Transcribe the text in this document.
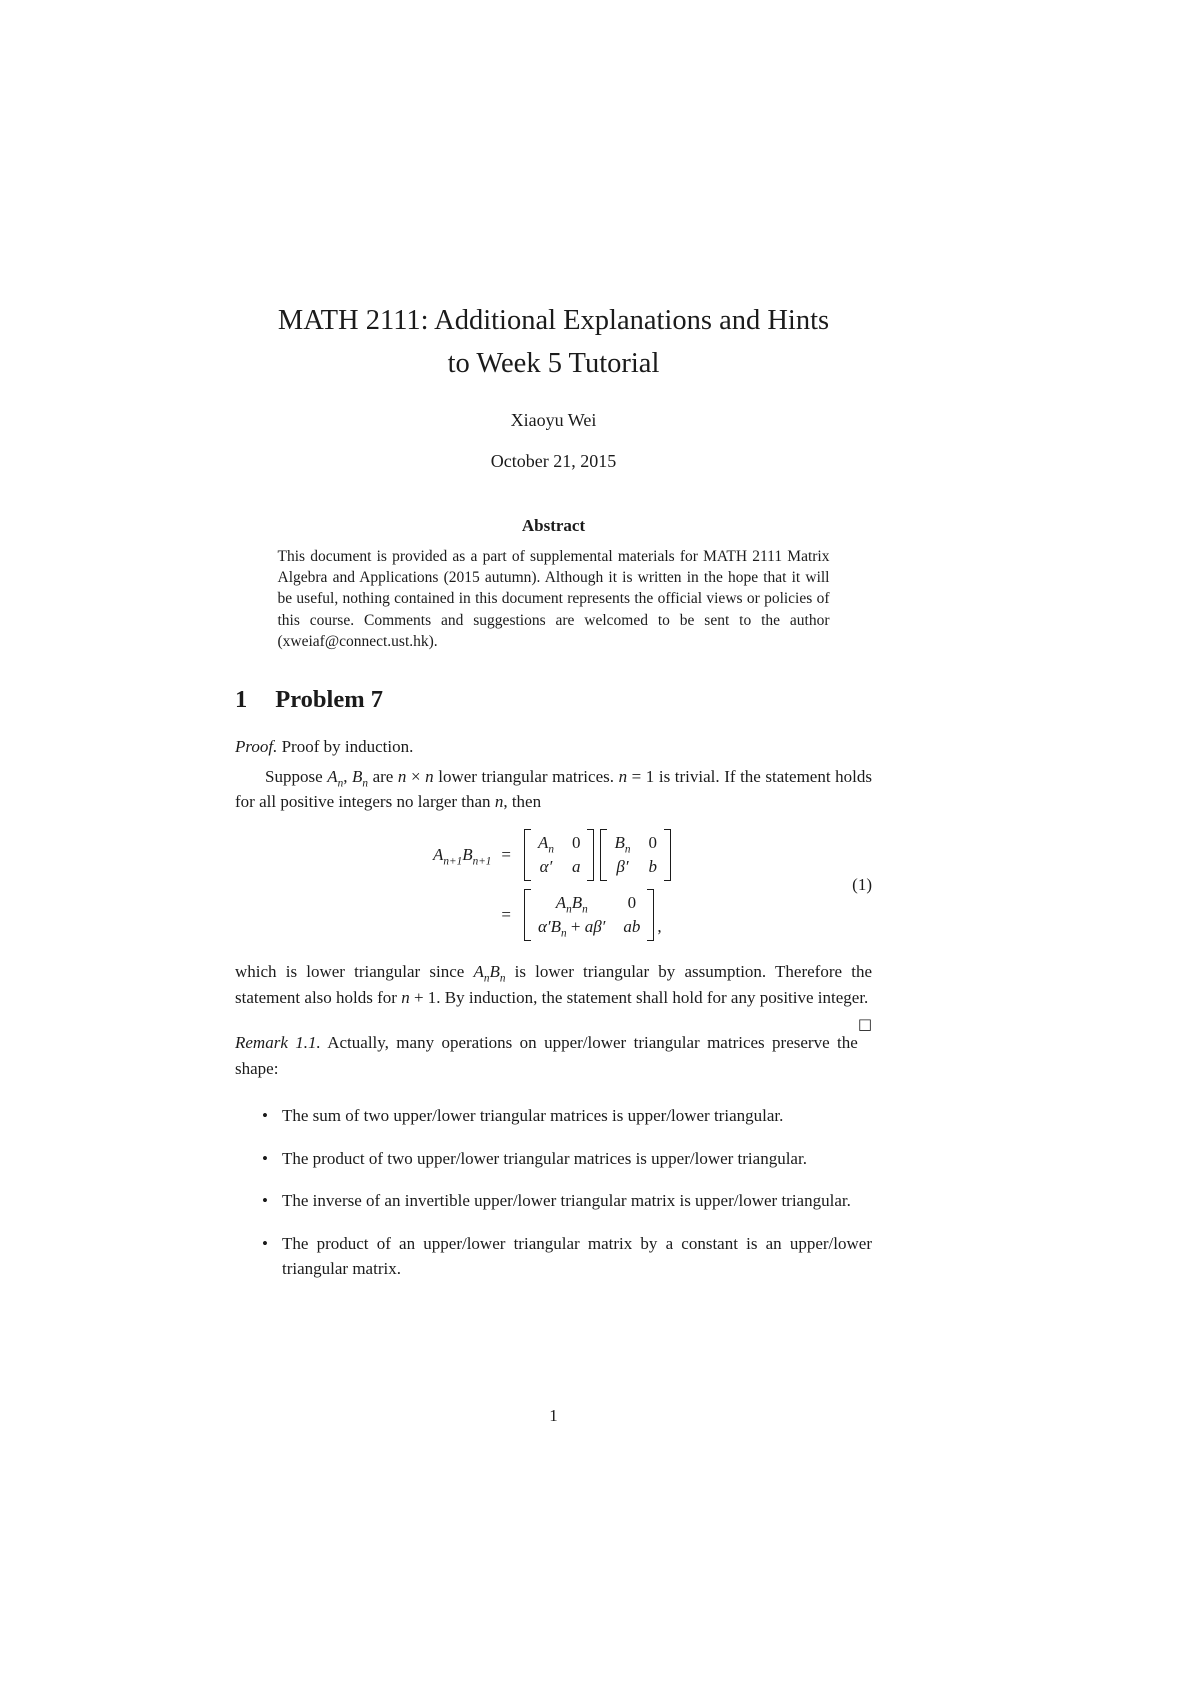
MATH 2111: Additional Explanations and Hints
to Week 5 Tutorial
Xiaoyu Wei
October 21, 2015
Abstract

This document is provided as a part of supplemental materials for MATH 2111 Matrix Algebra and Applications (2015 autumn). Although it is written in the hope that it will be useful, nothing contained in this document represents the official views or policies of this course. Comments and suggestions are welcomed to be sent to the author (xweiaf@connect.ust.hk).

1 Problem 7

Proof. Proof by induction.

Suppose $A_n$, $B_n$ are n × n lower triangular matrices. n = 1 is trivial. If the statement holds for all positive integers no larger than n, then

$A_{n+1}B_{n+1}$ =
$A_n$ 0
α′ a
$B_n$ 0
β′ b
=
$A_nB_n$	0
$\alpha'B_n + a\beta'$ ab ,
(1)

which is lower triangular since $A_nB_n$ is lower triangular by assumption. Therefore the statement also holds for n + 1. By induction, the statement shall hold for any positive integer.
□

Remark 1.1. Actually, many operations on upper/lower triangular matrices preserve the shape:

• The sum of two upper/lower triangular matrices is upper/lower triangular.
• The product of two upper/lower triangular matrices is upper/lower triangular.
• The inverse of an invertible upper/lower triangular matrix is upper/lower triangular.
• The product of an upper/lower triangular matrix by a constant is an upper/lower triangular matrix.
1
